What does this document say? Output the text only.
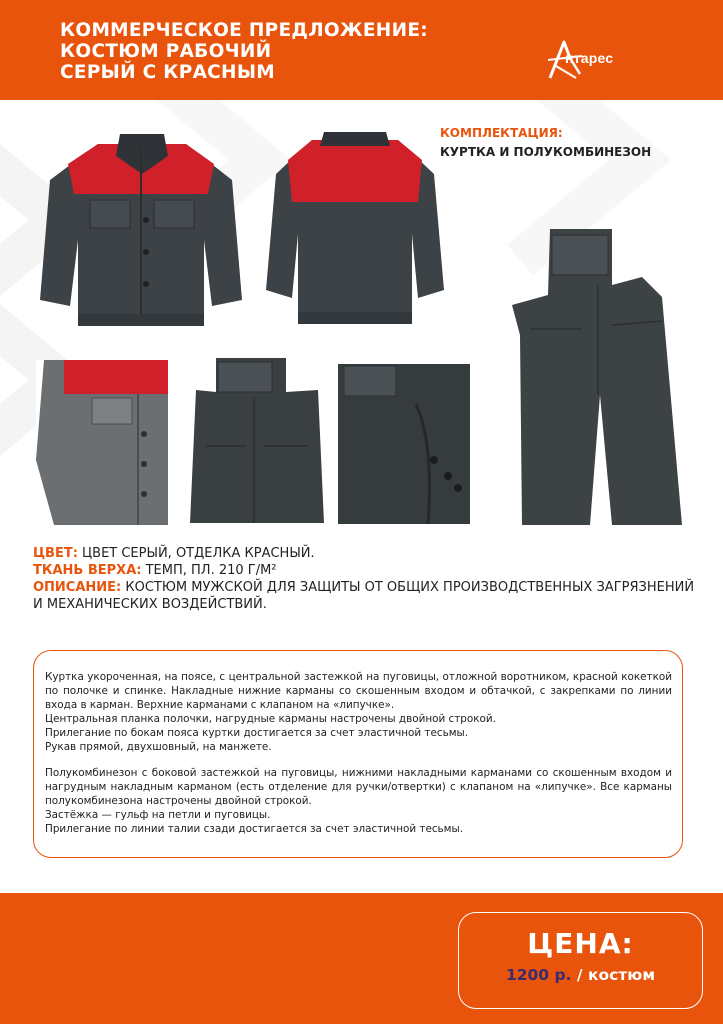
КОММЕРЧЕСКОЕ ПРЕДЛОЖЕНИЕ:
КОСТЮМ РАБОЧИЙ
СЕРЫЙ С КРАСНЫМ
нтарес
КОМПЛЕКТАЦИЯ:
КУРТКА И ПОЛУКОМБИНЕЗОН
ЦВЕТ: ЦВЕТ СЕРЫЙ, ОТДЕЛКА КРАСНЫЙ.
ТКАНЬ ВЕРХА: ТЕМП, ПЛ. 210 Г/М²
ОПИСАНИЕ: КОСТЮМ МУЖСКОЙ ДЛЯ ЗАЩИТЫ ОТ ОБЩИХ ПРОИЗВОДСТВЕННЫХ ЗАГРЯЗНЕНИЙ И МЕХАНИЧЕСКИХ ВОЗДЕЙСТВИЙ.

Куртка укороченная, на поясе, с центральной застежкой на пуговицы, отложной воротником, красной кокеткой по полочке и спинке. Накладные нижние карманы со скошенным входом и обтачкой, с закрепками по линии входа в карман. Верхние карманами с клапаном на «липучке».

Центральная планка полочки, нагрудные карманы настрочены двойной строкой.

Прилегание по бокам пояса куртки достигается за счет эластичной тесьмы.

Рукав прямой, двухшовный, на манжете.

Полукомбинезон с боковой застежкой на пуговицы, нижними накладными карманами со скошенным входом и нагрудным накладным карманом (есть отделение для ручки/отвертки) с клапаном на «липучке». Все карманы полукомбинезона настрочены двойной строкой.

Застёжка — гульф на петли и пуговицы.

Прилегание по линии талии сзади достигается за счет эластичной тесьмы.

ЦЕНА:
1200 р. / костюм
